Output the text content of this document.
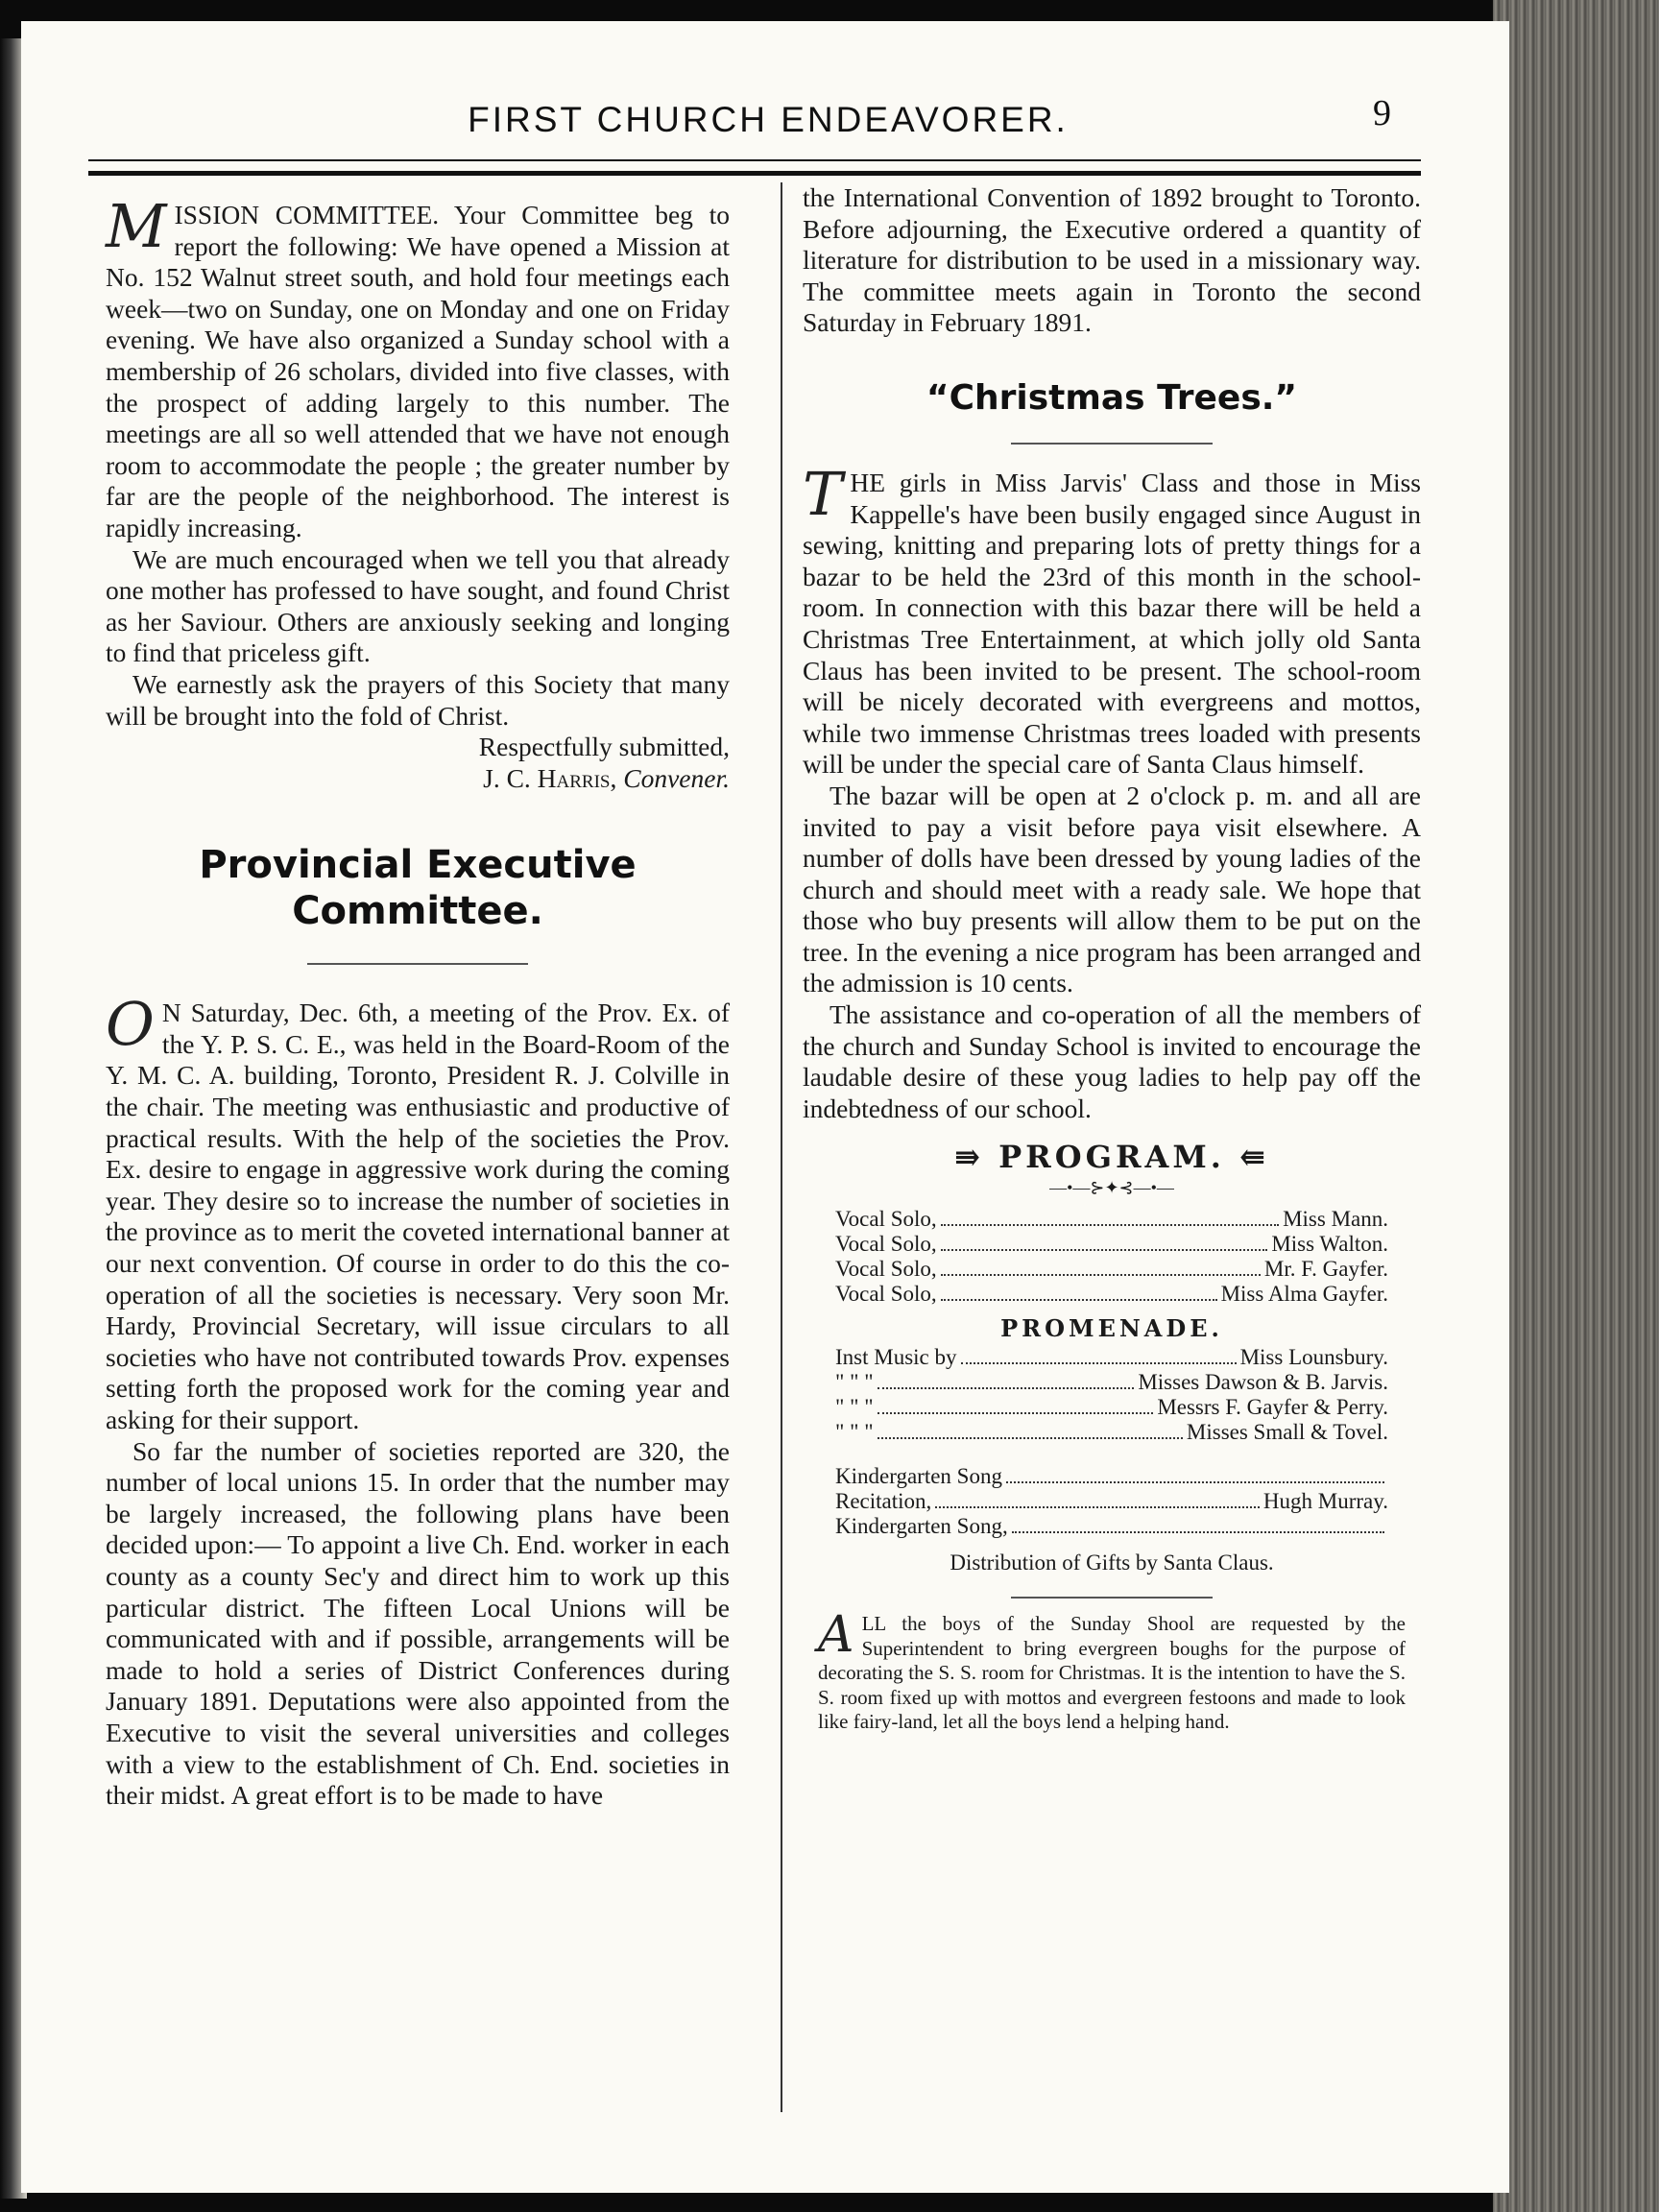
FIRST CHURCH ENDEAVORER.	9

M ISSION COMMITTEE. Your Committee beg to report the following: We have opened a Mission at No. 152 Walnut street south, and hold four meetings each week—two on Sunday, one on Monday and one on Friday evening. We have also organized a Sunday school with a membership of 26 scholars, divided into five classes, with the prospect of adding largely to this number. The meetings are all so well attended that we have not enough room to accommodate the people ; the greater number by far are the people of the neighborhood. The interest is rapidly increasing.

We are much encouraged when we tell you that already one mother has professed to have sought, and found Christ as her Saviour. Others are anxiously seeking and longing to find that priceless gift.

We earnestly ask the prayers of this Society that many will be brought into the fold of Christ.

Respectfully submitted,

J. C. Harris, Convener.

Provincial Executive Committee.

O N Saturday, Dec. 6th, a meeting of the Prov. Ex. of the Y. P. S. C. E., was held in the Board-Room of the Y. M. C. A. building, Toronto, President R. J. Colville in the chair. The meeting was enthusiastic and productive of practical results. With the help of the societies the Prov. Ex. desire to engage in aggressive work during the coming year. They desire so to increase the number of societies in the province as to merit the coveted international banner at our next convention. Of course in order to do this the co-operation of all the societies is necessary. Very soon Mr. Hardy, Provincial Secretary, will issue circulars to all societies who have not contributed towards Prov. expenses setting forth the proposed work for the coming year and asking for their support.

So far the number of societies reported are 320, the number of local unions 15. In order that the number may be largely increased, the following plans have been decided upon:— To appoint a live Ch. End. worker in each county as a county Sec'y and direct him to work up this particular district. The fifteen Local Unions will be communicated with and if possible, arrangements will be made to hold a series of District Conferences during January 1891. Deputations were also appointed from the Executive to visit the several universities and colleges with a view to the establishment of Ch. End. societies in their midst. A great effort is to be made to have

the International Convention of 1892 brought to Toronto. Before adjourning, the Executive ordered a quantity of literature for distribution to be used in a missionary way. The committee meets again in Toronto the second Saturday in February 1891.

“Christmas Trees.”

T HE girls in Miss Jarvis' Class and those in Miss Kappelle's have been busily engaged since August in sewing, knitting and preparing lots of pretty things for a bazar to be held the 23rd of this month in the school-room. In connection with this bazar there will be held a Christmas Tree Entertainment, at which jolly old Santa Claus has been invited to be present. The school-room will be nicely decorated with evergreens and mottos, while two immense Christmas trees loaded with presents will be under the special care of Santa Claus himself.

The bazar will be open at 2 o'clock p. m. and all are invited to pay a visit before paya visit elsewhere. A number of dolls have been dressed by young ladies of the church and should meet with a ready sale. We hope that those who buy presents will allow them to be put on the tree. In the evening a nice program has been arranged and the admission is 10 cents.

The assistance and co-operation of all the members of the church and Sunday School is invited to encourage the laudable desire of these youg ladies to help pay off the indebtedness of our school.

⇛ PROGRAM. ⇚
—•—⊱✦⊰—•—
Vocal Solo,	Miss Mann.
Vocal Solo,	Miss Walton.
Vocal Solo,	Mr. F. Gayfer.
Vocal Solo,	Miss Alma Gayfer.
PROMENADE.
Inst Music by	Miss Lounsbury.
" " "	Misses Dawson & B. Jarvis.
" " "	Messrs F. Gayfer & Perry.
" " "	Misses Small & Tovel.
Kindergarten Song
Recitation,	Hugh Murray.
Kindergarten Song,
Distribution of Gifts by Santa Claus.
A LL the boys of the Sunday Shool are requested by the Superintendent to bring evergreen boughs for the purpose of decorating the S. S. room for Christmas. It is the intention to have the S. S. room fixed up with mottos and evergreen festoons and made to look like fairy-land, let all the boys lend a helping hand.
